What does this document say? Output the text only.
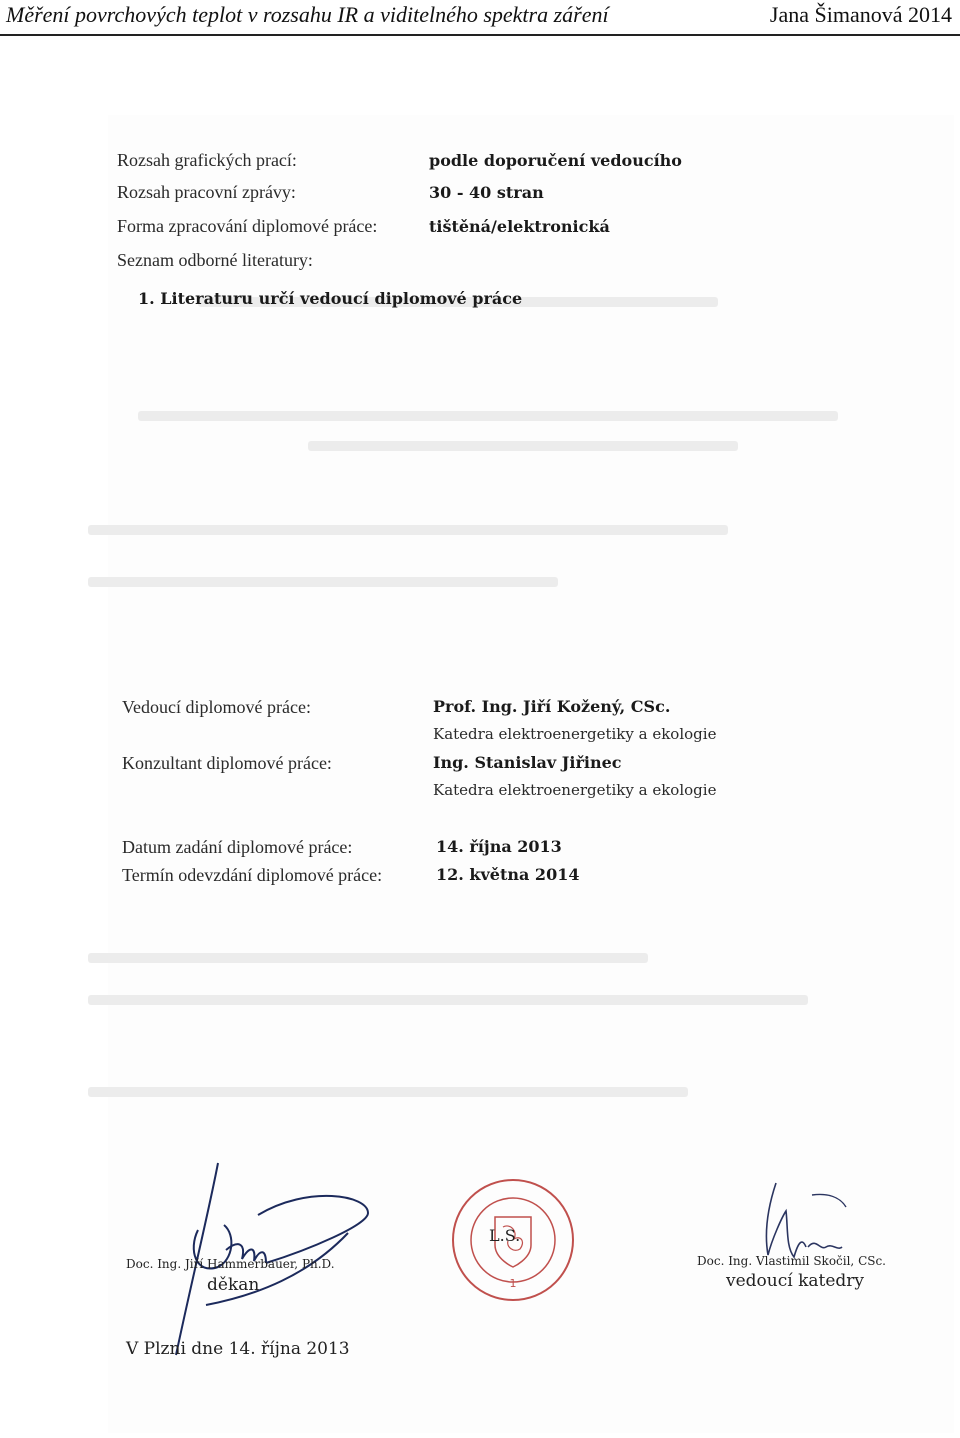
Měření povrchových teplot v rozsahu IR a viditelného spektra záření	Jana Šimanová 2014
Rozsah grafických prací:	podle doporučení vedoucího
Rozsah pracovní zprávy:	30 - 40 stran
Forma zpracování diplomové práce:	tištěná/elektronická
Seznam odborné literatury:
1. Literaturu určí vedoucí diplomové práce
Vedoucí diplomové práce:	Prof. Ing. Jiří Kožený, CSc.
Katedra elektroenergetiky a ekologie
Konzultant diplomové práce:	Ing. Stanislav Jiřinec
Katedra elektroenergetiky a ekologie
Datum zadání diplomové práce:	14. října 2013
Termín odevzdání diplomové práce:	12. května 2014
Doc. Ing. Jiří Hammerbauer, Ph.D.
děkan	1
L.S.
Doc. Ing. Vlastimil Skočil, CSc.
vedoucí katedry
V Plzni dne 14. října 2013
